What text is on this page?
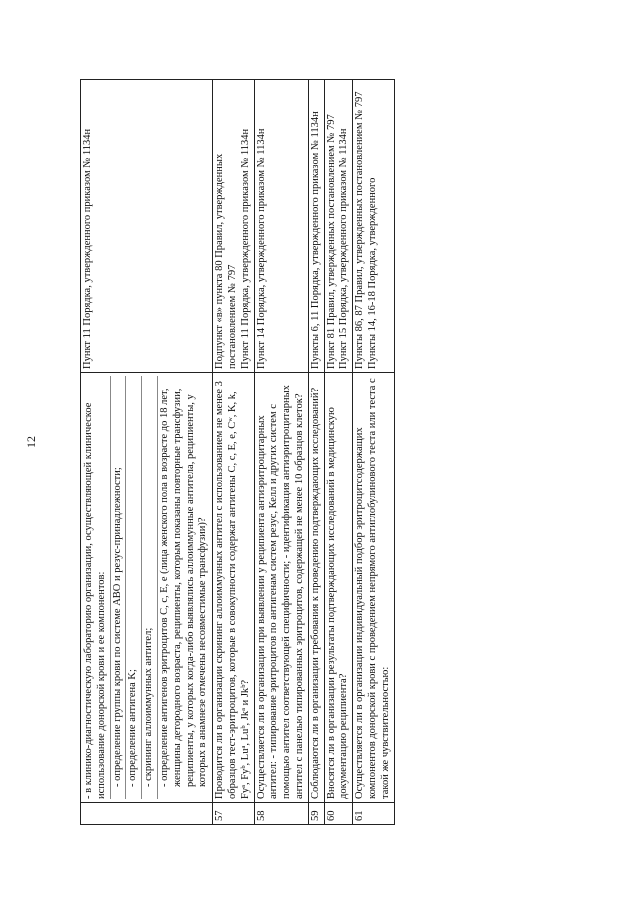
12

	- в клинико-диагностическую лабораторию организации, осуществляющей клиническое использование донорской крови и ее компонентов: - определение группы крови по системе ABO и резус-принадлежности; - определение антигена K; - скрининг аллоиммунных антител; - определение антигенов эритроцитов C, c, E, e (лица женского пола в возрасте до 18 лет, женщины детородного возраста, реципиенты, которым показаны повторные трансфузии, реципиенты, у которых когда-либо выявлялись аллоиммунные антитела, реципиенты, у которых в анамнезе отмечены несовместимые трансфузии)?	Пункт 11 Порядка, утвержденного приказом № 1134н

57	Проводится ли в организации скрининг аллоиммунных антител с использованием не менее 3 образцов тест-эритроцитов, которые в совокупности содержат антигены C, c, E, e, Cʷ, K, k, Fyᵃ, Fyᵇ, Luᵃ, Luᵇ, Jkᵃ и Jkᵇ?	Подпункт «в» пункта 80 Правил, утвержденных постановлением № 797 Пункт 11 Порядка, утвержденного приказом № 1134н

58	Осуществляется ли в организации при выявлении у реципиента антиэритроцитарных антител: - типирование эритроцитов по антигенам систем резус, Келл и других систем с помощью антител соответствующей специфичности; - идентификация антиэритроцитарных антител с панелью типированных эритроцитов, содержащей не менее 10 образцов клеток?	Пункт 14 Порядка, утвержденного приказом № 1134н

59	Соблюдаются ли в организации требования к проведению подтверждающих исследований?	Пункты 6, 11 Порядка, утвержденного приказом № 1134н

60	Вносятся ли в организации результаты подтверждающих исследований в медицинскую документацию реципиента?	Пункт 81 Правил, утвержденных постановлением № 797 Пункт 15 Порядка, утвержденного приказом № 1134н

61	Осуществляется ли в организации индивидуальный подбор эритроцитсодержащих компонентов донорской крови с проведением непрямого антиглобулинового теста или теста с такой же чувствительностью:	Пункты 86, 87 Правил, утвержденных постановлением № 797 Пункты 14, 16-18 Порядка, утвержденного
